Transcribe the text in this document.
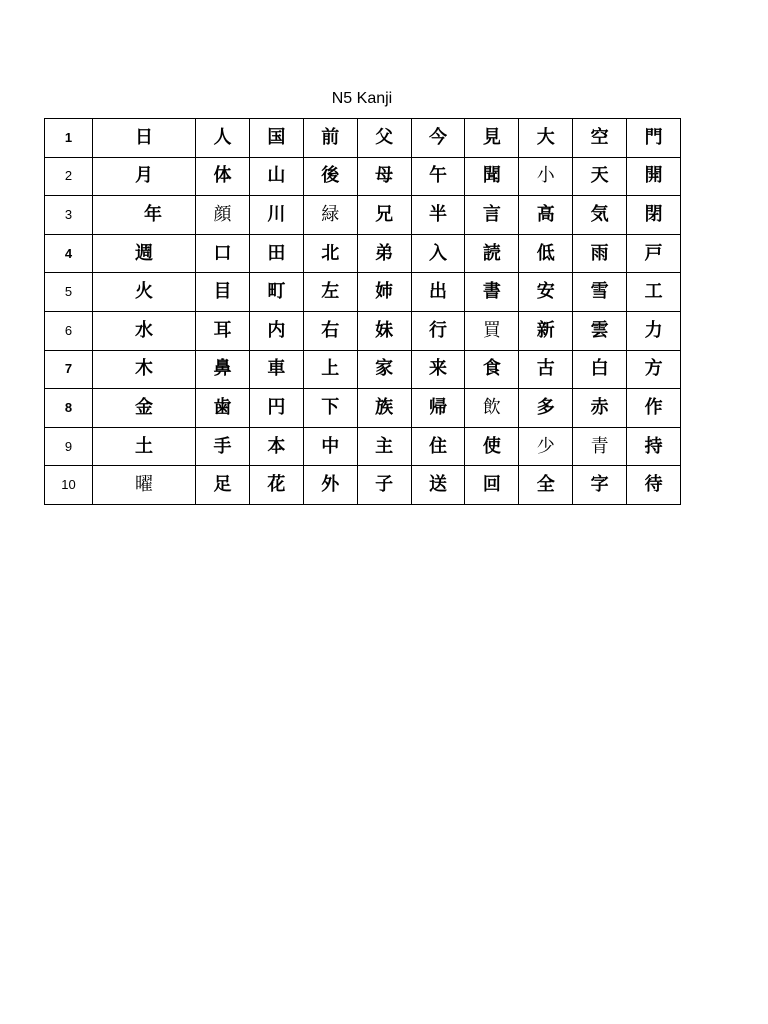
N5 Kanji
1	日	人	国	前	父	今	見	大	空	門
2	月	体	山	後	母	午	聞	小	天	開
3	年	顔	川	緑	兄	半	言	高	気	閉
4	週	口	田	北	弟	入	読	低	雨	戸
5	火	目	町	左	姉	出	書	安	雪	工
6	水	耳	内	右	妹	行	買	新	雲	力
7	木	鼻	車	上	家	来	食	古	白	方
8	金	歯	円	下	族	帰	飲	多	赤	作
9	土	手	本	中	主	住	使	少	青	持
10	曜	足	花	外	子	送	回	全	字	待
